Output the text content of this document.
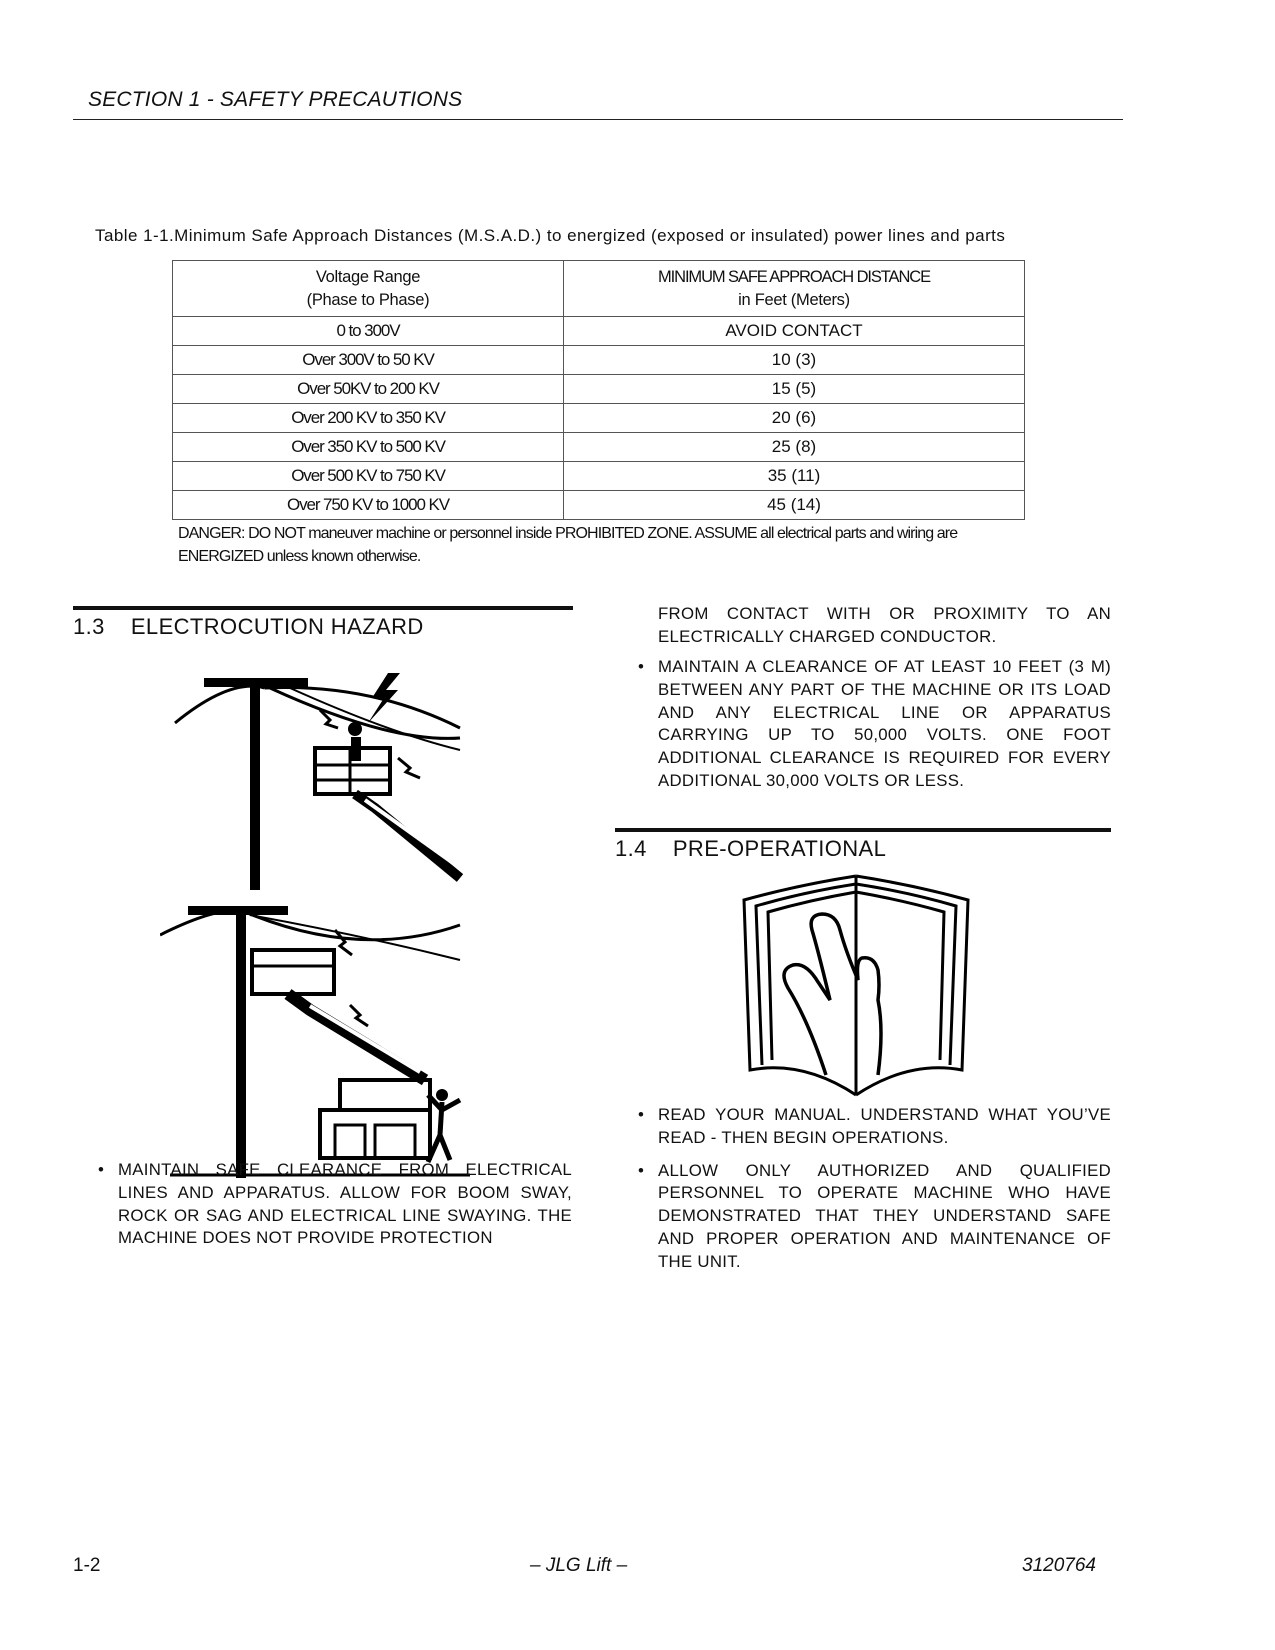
SECTION 1 - SAFETY PRECAUTIONS
Table 1-1.Minimum Safe Approach Distances (M.S.A.D.) to energized (exposed or insulated) power lines and parts
Voltage Range
(Phase to Phase)	MINIMUM SAFE APPROACH DISTANCE
in Feet (Meters)
0 to 300V	AVOID CONTACT
Over 300V to 50 KV	10 (3)
Over 50KV to 200 KV	15 (5)
Over 200 KV to 350 KV	20 (6)
Over 350 KV to 500 KV	25 (8)
Over 500 KV to 750 KV	35 (11)
Over 750 KV to 1000 KV	45 (14)
DANGER: DO NOT maneuver machine or personnel inside PROHIBITED ZONE. ASSUME all electrical parts and wiring are ENERGIZED unless known otherwise.
1.3 ELECTROCUTION HAZARD
• MAINTAIN SAFE CLEARANCE FROM ELECTRICAL LINES AND APPARATUS. ALLOW FOR BOOM SWAY, ROCK OR SAG AND ELECTRICAL LINE SWAYING. THE MACHINE DOES NOT PROVIDE PROTECTION
FROM CONTACT WITH OR PROXIMITY TO AN ELECTRICALLY CHARGED CONDUCTOR.
• MAINTAIN A CLEARANCE OF AT LEAST 10 FEET (3 M) BETWEEN ANY PART OF THE MACHINE OR ITS LOAD AND ANY ELECTRICAL LINE OR APPARATUS CARRYING UP TO 50,000 VOLTS. ONE FOOT ADDITIONAL CLEARANCE IS REQUIRED FOR EVERY ADDITIONAL 30,000 VOLTS OR LESS.
1.4 PRE-OPERATIONAL
• READ YOUR MANUAL. UNDERSTAND WHAT YOU’VE READ - THEN BEGIN OPERATIONS.
• ALLOW ONLY AUTHORIZED AND QUALIFIED PERSONNEL TO OPERATE MACHINE WHO HAVE DEMONSTRATED THAT THEY UNDERSTAND SAFE AND PROPER OPERATION AND MAINTENANCE OF THE UNIT.
1-2	– JLG Lift –	3120764
